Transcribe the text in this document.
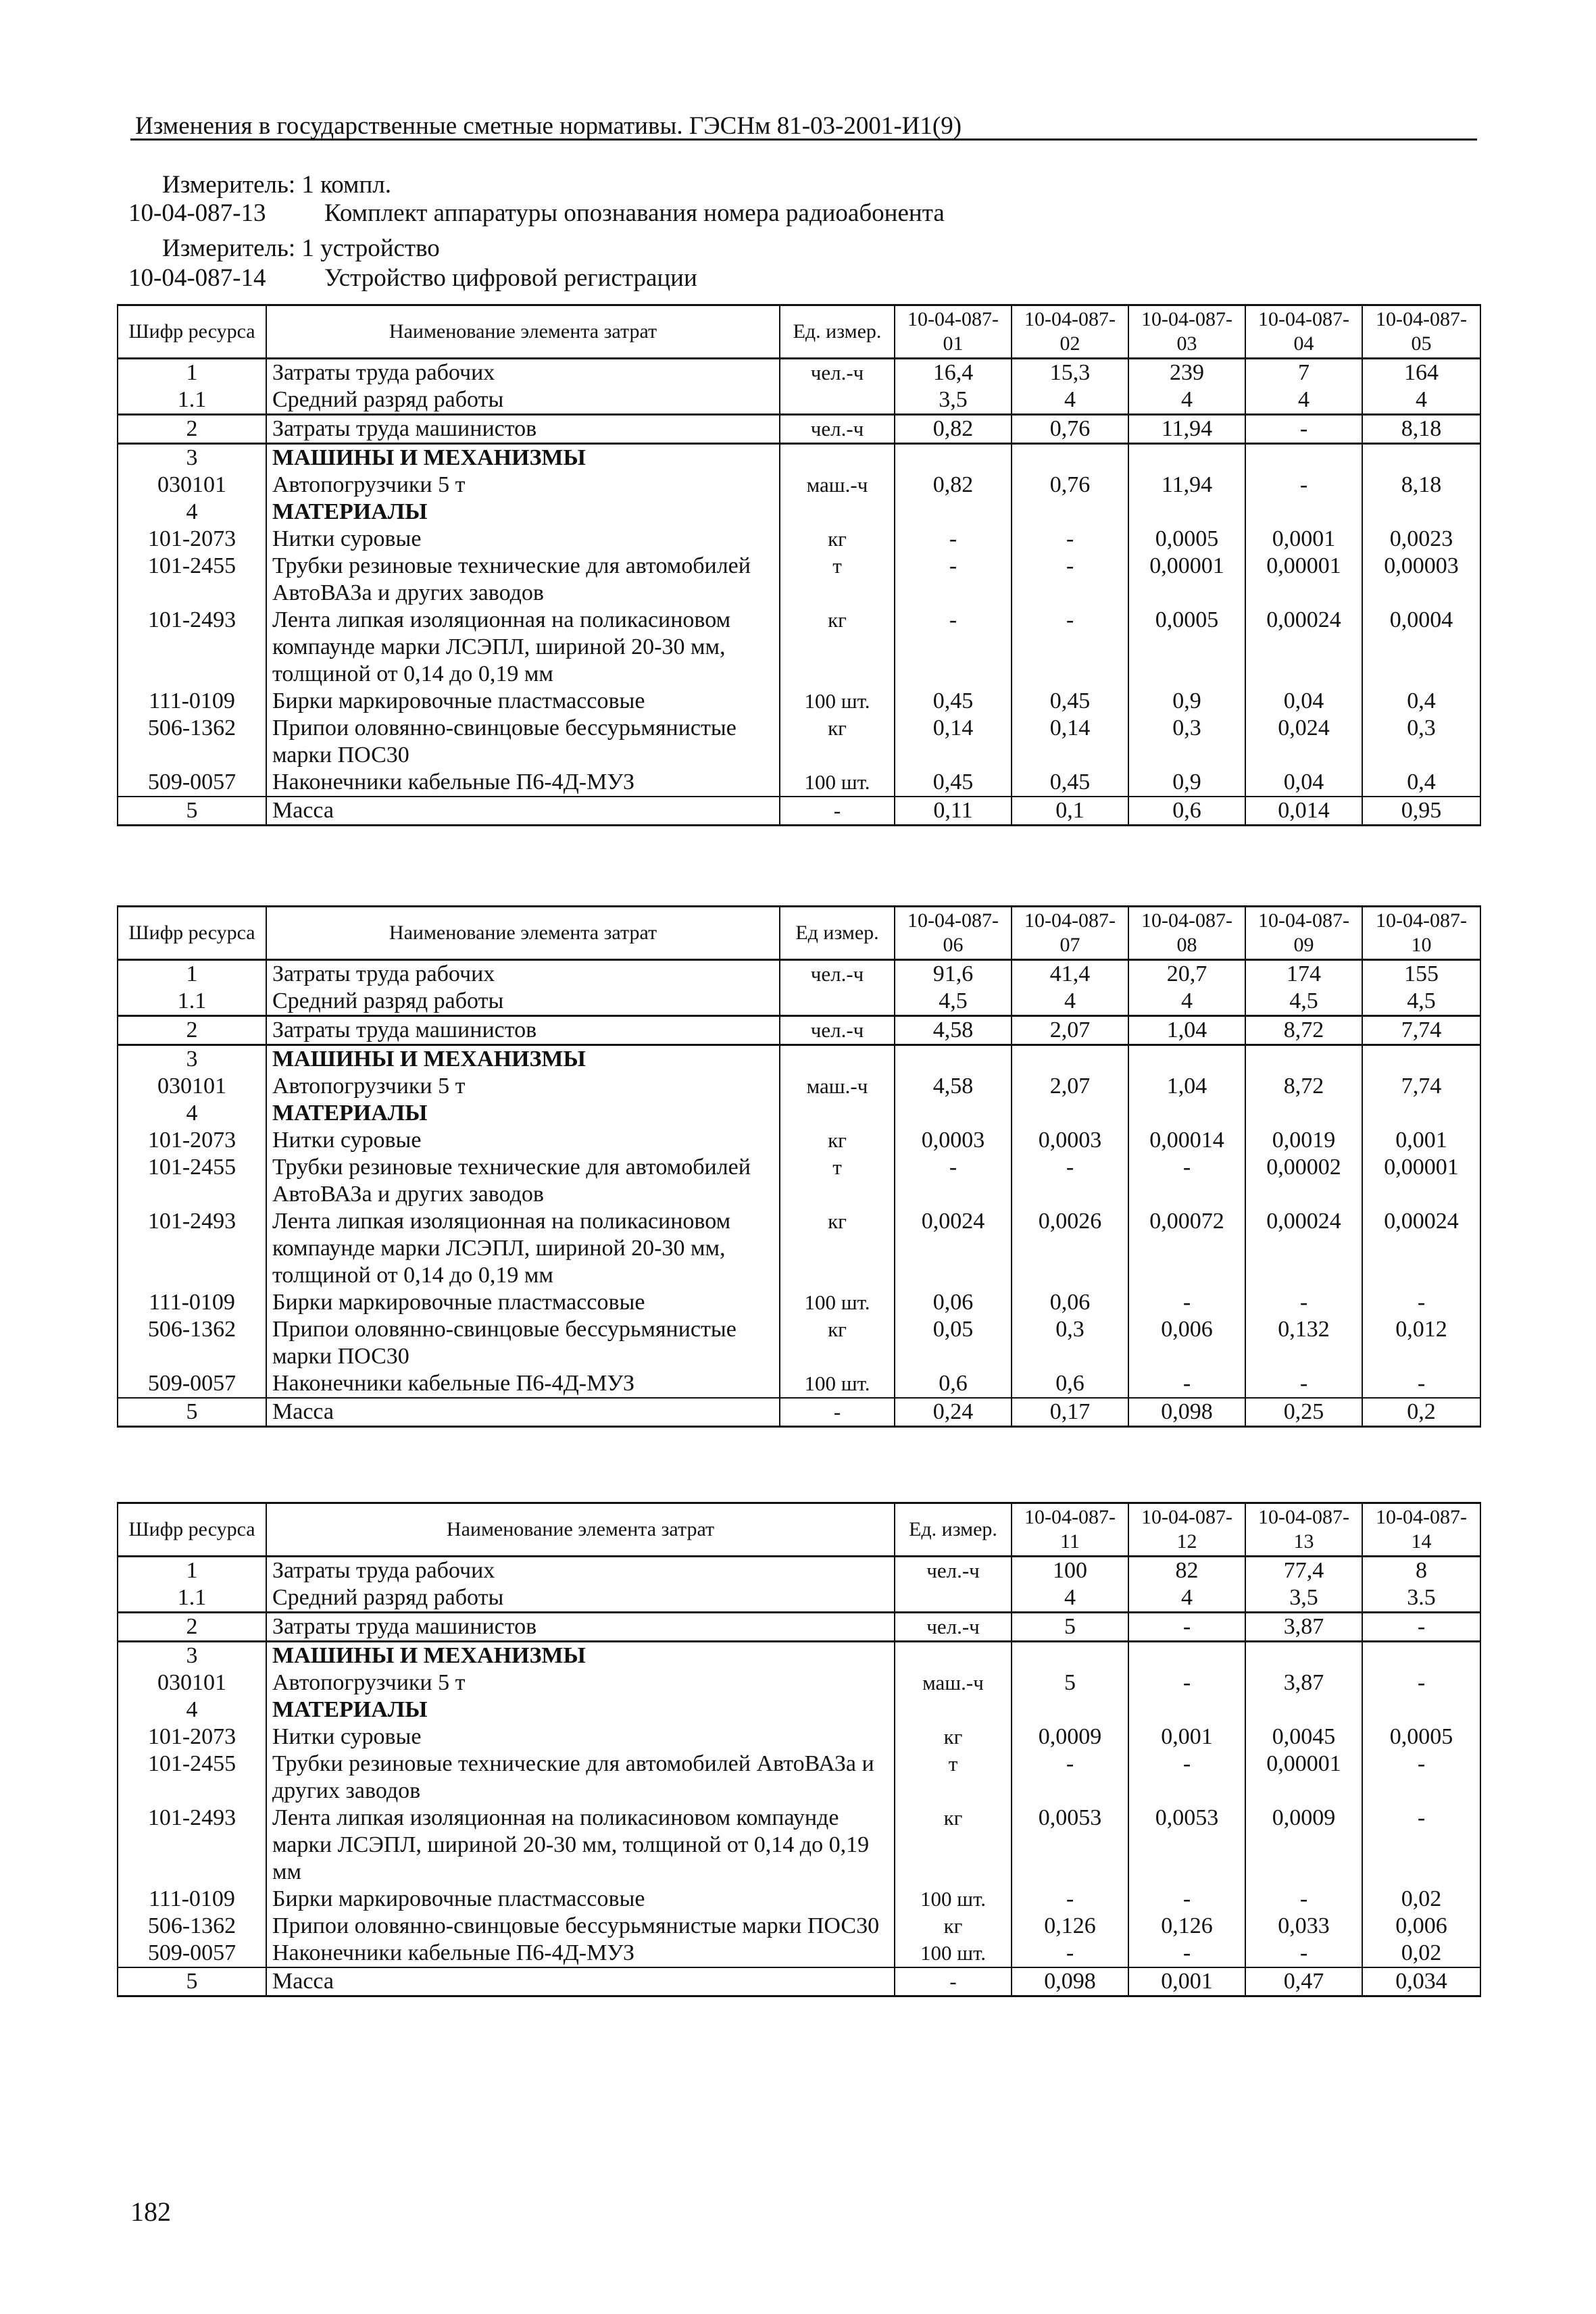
Изменения в государственные сметные нормативы. ГЭСНм 81-03-2001-И1(9)
Измеритель: 1 компл.
10-04-087-13 Комплект аппаратуры опознавания номера радиоабонента
Измеритель: 1 устройство
10-04-087-14 Устройство цифровой регистрации
Шифр ресурса	Наименование элемента затрат	Ед. измер.	10-04-087-01	10-04-087-02	10-04-087-03	10-04-087-04	10-04-087-05
1	Затраты труда рабочих	чел.-ч	16,4	15,3	239	7	164
1.1	Средний разряд работы		3,5	4	4	4	4
2	Затраты труда машинистов	чел.-ч	0,82	0,76	11,94	-	8,18
3	МАШИНЫ И МЕХАНИЗМЫ						
030101	Автопогрузчики 5 т	маш.-ч	0,82	0,76	11,94	-	8,18
4	МАТЕРИАЛЫ						
101-2073	Нитки суровые	кг	-	-	0,0005	0,0001	0,0023
101-2455	Трубки резиновые технические для автомобилей АвтоВАЗа и других заводов	т	-	-	0,00001	0,00001	0,00003
101-2493	Лента липкая изоляционная на поликасиновом компаунде марки ЛСЭПЛ, шириной 20-30 мм, толщиной от 0,14 до 0,19 мм	кг	-	-	0,0005	0,00024	0,0004
111-0109	Бирки маркировочные пластмассовые	100 шт.	0,45	0,45	0,9	0,04	0,4
506-1362	Припои оловянно-свинцовые бессурьмянистые марки ПОС30	кг	0,14	0,14	0,3	0,024	0,3
509-0057	Наконечники кабельные П6-4Д-МУЗ	100 шт.	0,45	0,45	0,9	0,04	0,4
5	Масса	-	0,11	0,1	0,6	0,014	0,95
Шифр ресурса	Наименование элемента затрат	Ед измер.	10-04-087-06	10-04-087-07	10-04-087-08	10-04-087-09	10-04-087-10
1	Затраты труда рабочих	чел.-ч	91,6	41,4	20,7	174	155
1.1	Средний разряд работы		4,5	4	4	4,5	4,5
2	Затраты труда машинистов	чел.-ч	4,58	2,07	1,04	8,72	7,74
3	МАШИНЫ И МЕХАНИЗМЫ						
030101	Автопогрузчики 5 т	маш.-ч	4,58	2,07	1,04	8,72	7,74
4	МАТЕРИАЛЫ						
101-2073	Нитки суровые	кг	0,0003	0,0003	0,00014	0,0019	0,001
101-2455	Трубки резиновые технические для автомобилей АвтоВАЗа и других заводов	т	-	-	-	0,00002	0,00001
101-2493	Лента липкая изоляционная на поликасиновом компаунде марки ЛСЭПЛ, шириной 20-30 мм, толщиной от 0,14 до 0,19 мм	кг	0,0024	0,0026	0,00072	0,00024	0,00024
111-0109	Бирки маркировочные пластмассовые	100 шт.	0,06	0,06	-	-	-
506-1362	Припои оловянно-свинцовые бессурьмянистые марки ПОС30	кг	0,05	0,3	0,006	0,132	0,012
509-0057	Наконечники кабельные П6-4Д-МУЗ	100 шт.	0,6	0,6	-	-	-
5	Масса	-	0,24	0,17	0,098	0,25	0,2
Шифр ресурса	Наименование элемента затрат	Ед. измер.	10-04-087-11	10-04-087-12	10-04-087-13	10-04-087-14
1	Затраты труда рабочих	чел.-ч	100	82	77,4	8
1.1	Средний разряд работы		4	4	3,5	3.5
2	Затраты труда машинистов	чел.-ч	5	-	3,87	-
3	МАШИНЫ И МЕХАНИЗМЫ					
030101	Автопогрузчики 5 т	маш.-ч	5	-	3,87	-
4	МАТЕРИАЛЫ					
101-2073	Нитки суровые	кг	0,0009	0,001	0,0045	0,0005
101-2455	Трубки резиновые технические для автомобилей АвтоВАЗа и других заводов	т	-	-	0,00001	-
101-2493	Лента липкая изоляционная на поликасиновом компаунде марки ЛСЭПЛ, шириной 20-30 мм, толщиной от 0,14 до 0,19 мм	кг	0,0053	0,0053	0,0009	-
111-0109	Бирки маркировочные пластмассовые	100 шт.	-	-	-	0,02
506-1362	Припои оловянно-свинцовые бессурьмянистые марки ПОС30	кг	0,126	0,126	0,033	0,006
509-0057	Наконечники кабельные П6-4Д-МУЗ	100 шт.	-	-	-	0,02
5	Масса	-	0,098	0,001	0,47	0,034
182
